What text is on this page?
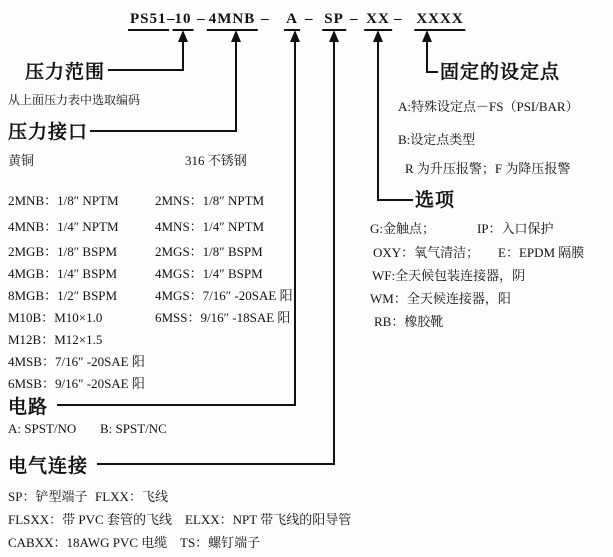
PS51 – 10 – 4MNB – A – SP – XX – XXXX
压力范围
从上面压力表中选取编码
压力接口
黄铜	316 不锈钢
2MNB：1/8″ NPTM
4MNB：1/4″ NPTM
2MGB：1/8″ BSPM
4MGB：1/4″ BSPM
8MGB：1/2″ BSPM
M10B：M10×1.0
M12B：M12×1.5
4MSB：7/16″ -20SAE 阳
6MSB：9/16″ -20SAE 阳
2MNS：1/8″ NPTM
4MNS：1/4″ NPTM
2MGS：1/8″ BSPM
4MGS：1/4″ BSPM
4MGS：7/16″ -20SAE 阳
6MSS：9/16″ -18SAE 阳
电路
A: SPST/NO B: SPST/NC
电气连接
SP：铲型端子 FLXX：飞线
FLSXX：带 PVC 套管的飞线 ELXX：NPT 带飞线的阳导管
CABXX：18AWG PVC 电缆 TS：螺钉端子
固定的设定点
A:特殊设定点－FS（PSI/BAR）
B:设定点类型
R 为升压报警；F 为降压报警
选项
G:金触点；	IP：入口保护
OXY：氧气清洁； E：EPDM 隔膜
WF:全天候包装连接器，阴
WM：全天候连接器，阳
RB：橡胶靴
